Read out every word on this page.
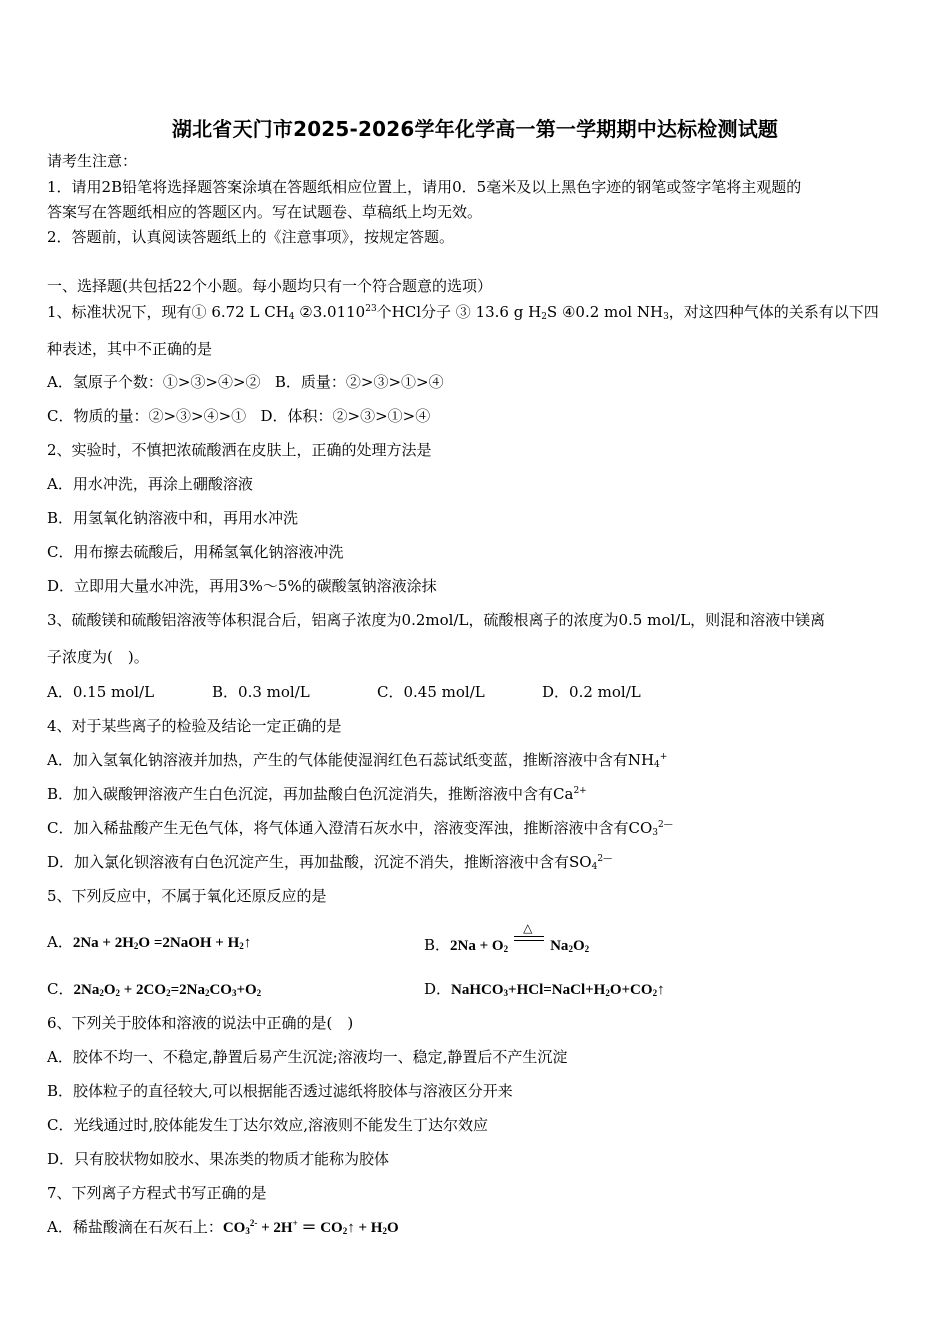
湖北省天门市2025-2026学年化学高一第一学期期中达标检测试题
请考生注意：
1．请用2B铅笔将选择题答案涂填在答题纸相应位置上，请用0．5毫米及以上黑色字迹的钢笔或签字笔将主观题的
答案写在答题纸相应的答题区内。写在试题卷、草稿纸上均无效。
2．答题前，认真阅读答题纸上的《注意事项》，按规定答题。
一、选择题(共包括22个小题。每小题均只有一个符合题意的选项）
1、标准状况下，现有① 6.72 L $CH_4$ ②3.0110$^{23}$个HCl分子 ③ 13.6 g $H_2S$ ④0.2 mol $NH_3$，对这四种气体的关系有以下四
种表述，其中不正确的是
A．氢原子个数：①>③>④>② B．质量：②>③>①>④
C．物质的量：②>③>④>① D．体积：②>③>①>④
2、实验时，不慎把浓硫酸洒在皮肤上，正确的处理方法是
A．用水冲洗，再涂上硼酸溶液
B．用氢氧化钠溶液中和，再用水冲洗
C．用布擦去硫酸后，用稀氢氧化钠溶液冲洗
D．立即用大量水冲洗，再用3%～5%的碳酸氢钠溶液涂抹
3、硫酸镁和硫酸铝溶液等体积混合后，铝离子浓度为0.2mol/L，硫酸根离子的浓度为0.5 mol/L，则混和溶液中镁离
子浓度为(　)。
A．0.15 mol/L	B．0.3 mol/L	C．0.45 mol/L	D．0.2 mol/L
4、对于某些离子的检验及结论一定正确的是
A．加入氢氧化钠溶液并加热，产生的气体能使湿润红色石蕊试纸变蓝，推断溶液中含有$NH_4^+$
B．加入碳酸钾溶液产生白色沉淀，再加盐酸白色沉淀消失，推断溶液中含有$Ca^{2+}$
C．加入稀盐酸产生无色气体，将气体通入澄清石灰水中，溶液变浑浊，推断溶液中含有$CO_3^{2—}$
D．加入氯化钡溶液有白色沉淀产生，再加盐酸，沉淀不消失，推断溶液中含有$SO_4^{2—}$
5、下列反应中，不属于氧化还原反应的是
A．$2Na + 2H_2O$ =2NaOH + $H_2↑$	B．$2Na + O_2$
△
$Na_2O_2$
C．$2Na_2O_2 + 2CO_2=2Na_2CO_3+O_2$	D．$NaHCO_3+HCl=NaCl+H_2O+CO_2↑$
6、下列关于胶体和溶液的说法中正确的是(　)
A．胶体不均一、不稳定,静置后易产生沉淀;溶液均一、稳定,静置后不产生沉淀
B．胶体粒子的直径较大,可以根据能否透过滤纸将胶体与溶液区分开来
C．光线通过时,胶体能发生丁达尔效应,溶液则不能发生丁达尔效应
D．只有胶状物如胶水、果冻类的物质才能称为胶体
7、下列离子方程式书写正确的是
A．稀盐酸滴在石灰石上：$CO_3^{2-} + 2H^+$ ＝ $CO_2↑ + H_2O$
